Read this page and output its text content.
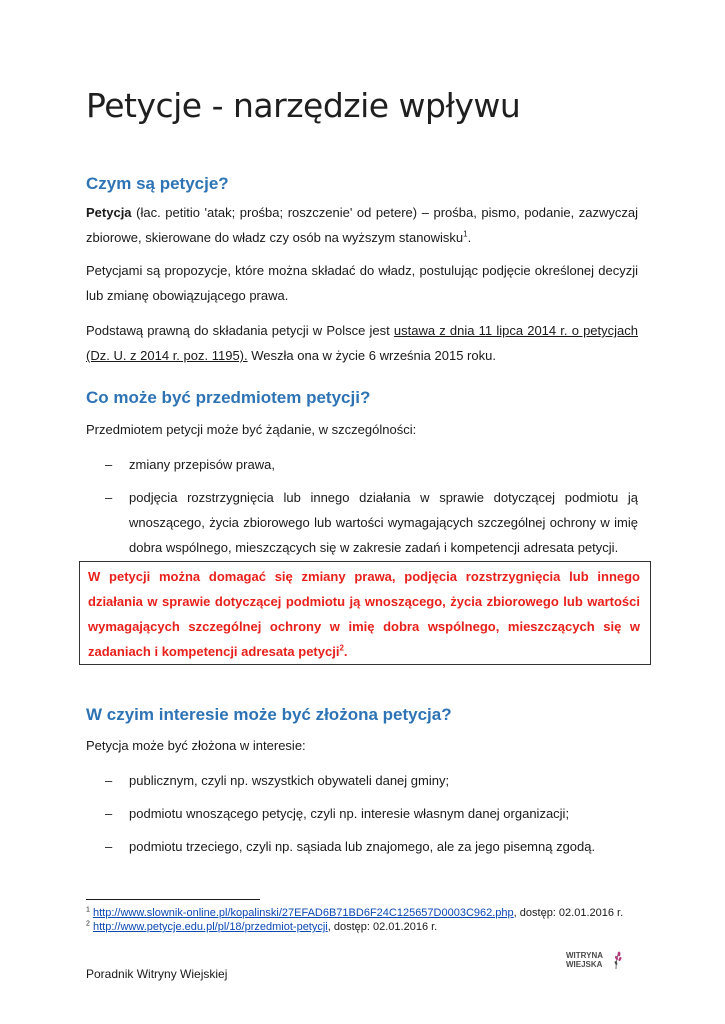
Petycje - narzędzie wpływu
Czym są petycje?

Petycja (łac. petitio 'atak; prośba; roszczenie' od petere) – prośba, pismo, podanie, zazwyczaj zbiorowe, skierowane do władz czy osób na wyższym stanowisku$^1$.

Petycjami są propozycje, które można składać do władz, postulując podjęcie określonej decyzji lub zmianę obowiązującego prawa.

Podstawą prawną do składania petycji w Polsce jest ustawa z dnia 11 lipca 2014 r. o petycjach (Dz. U. z 2014 r. poz. 1195). Weszła ona w życie 6 września 2015 roku.

Co może być przedmiotem petycji?

Przedmiotem petycji może być żądanie, w szczególności:

– zmiany przepisów prawa,
– podjęcia rozstrzygnięcia lub innego działania w sprawie dotyczącej podmiotu ją wnoszącego, życia zbiorowego lub wartości wymagających szczególnej ochrony w imię dobra wspólnego, mieszczących się w zakresie zadań i kompetencji adresata petycji.
W petycji można domagać się zmiany prawa, podjęcia rozstrzygnięcia lub innego działania w sprawie dotyczącej podmiotu ją wnoszącego, życia zbiorowego lub wartości wymagających szczególnej ochrony w imię dobra wspólnego, mieszczących się w zadaniach i kompetencji adresata petycji$^2$.
W czyim interesie może być złożona petycja?

Petycja może być złożona w interesie:

– publicznym, czyli np. wszystkich obywateli danej gminy;
– podmiotu wnoszącego petycję, czyli np. interesie własnym danej organizacji;
– podmiotu trzeciego, czyli np. sąsiada lub znajomego, ale za jego pisemną zgodą.

$^1$ http://www.slownik-online.pl/kopalinski/27EFAD6B71BD6F24C125657D0003C962.php, dostęp: 02.01.2016 r.

$^2$ http://www.petycje.edu.pl/pl/18/przedmiot-petycji, dostęp: 02.01.2016 r.

Poradnik Witryny Wiejskiej

WITRYNA
WIEJSKA
